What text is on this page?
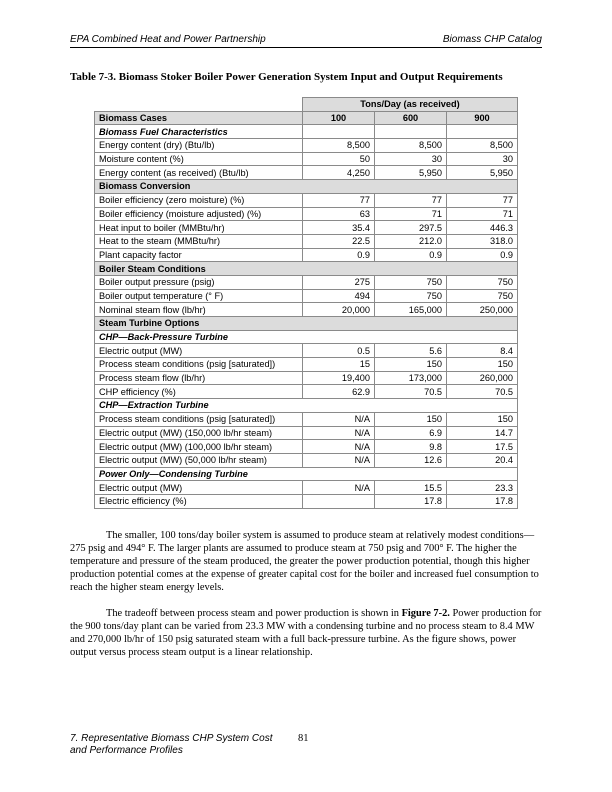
EPA Combined Heat and Power Partnership	Biomass CHP Catalog
Table 7-3. Biomass Stoker Boiler Power Generation System Input and Output Requirements
	Tons/Day (as received)		
Biomass Cases	100	600	900
Biomass Fuel Characteristics			
Energy content (dry) (Btu/lb)	8,500	8,500	8,500
Moisture content (%)	50	30	30
Energy content (as received) (Btu/lb)	4,250	5,950	5,950
Biomass Conversion			
Boiler efficiency (zero moisture) (%)	77	77	77
Boiler efficiency (moisture adjusted) (%)	63	71	71
Heat input to boiler (MMBtu/hr)	35.4	297.5	446.3
Heat to the steam (MMBtu/hr)	22.5	212.0	318.0
Plant capacity factor	0.9	0.9	0.9
Boiler Steam Conditions			
Boiler output pressure (psig)	275	750	750
Boiler output temperature (° F)	494	750	750
Nominal steam flow (lb/hr)	20,000	165,000	250,000
Steam Turbine Options			
CHP—Back-Pressure Turbine			
Electric output (MW)	0.5	5.6	8.4
Process steam conditions (psig [saturated])	15	150	150
Process steam flow (lb/hr)	19,400	173,000	260,000
CHP efficiency (%)	62.9	70.5	70.5
CHP—Extraction Turbine			
Process steam conditions (psig [saturated])	N/A	150	150
Electric output (MW) (150,000 lb/hr steam)	N/A	6.9	14.7
Electric output (MW) (100,000 lb/hr steam)	N/A	9.8	17.5
Electric output (MW) (50,000 lb/hr steam)	N/A	12.6	20.4
Power Only—Condensing Turbine			
Electric output (MW)	N/A	15.5	23.3
Electric efficiency (%)		17.8	17.8

The smaller, 100 tons/day boiler system is assumed to produce steam at relatively modest conditions—275 psig and 494° F. The larger plants are assumed to produce steam at 750 psig and 700° F. The higher the temperature and pressure of the steam produced, the greater the power production potential, though this higher production potential comes at the expense of greater capital cost for the boiler and increased fuel consumption to reach the higher steam energy levels.

The tradeoff between process steam and power production is shown in Figure 7-2. Power production for the 900 tons/day plant can be varied from 23.3 MW with a condensing turbine and no process steam to 8.4 MW and 270,000 lb/hr of 150 psig saturated steam with a full back-pressure turbine. As the figure shows, power output versus process steam output is a linear relationship.

7. Representative Biomass CHP System Cost
and Performance Profiles
81
